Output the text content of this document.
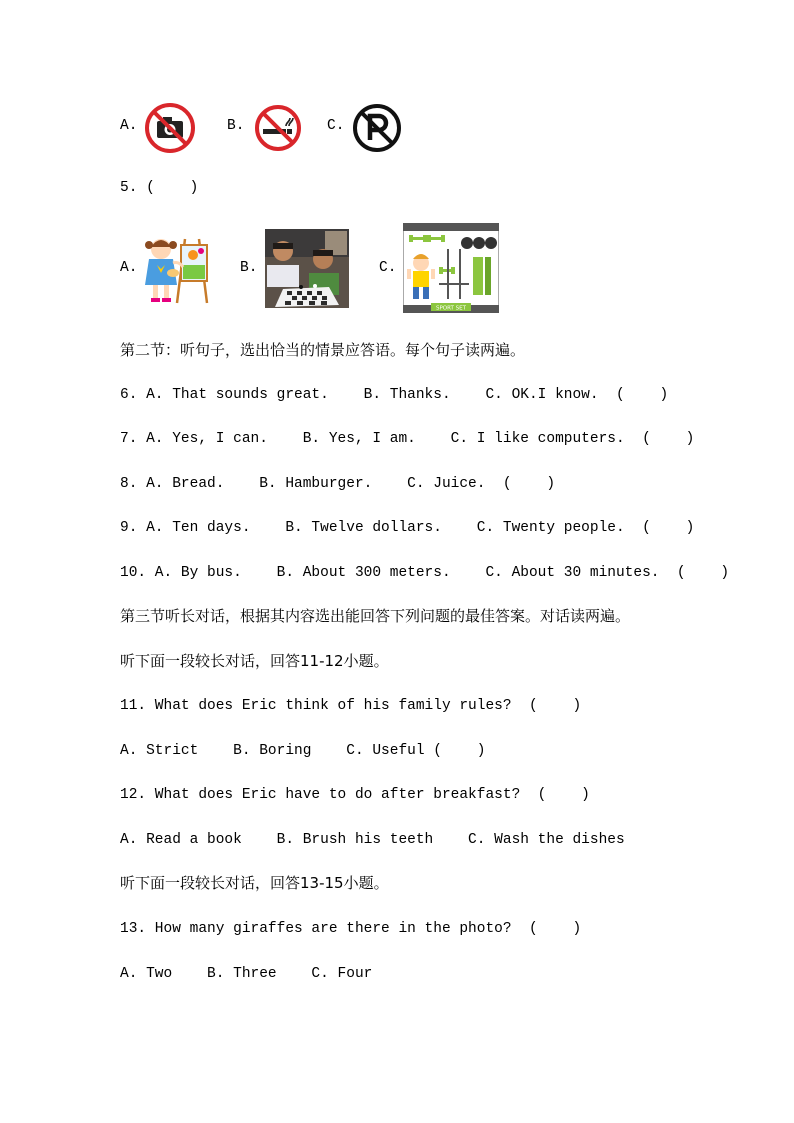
A.	B.	C.
5. (    )
A.	B.	C.
SPORT SET
第二节：听句子，选出恰当的情景应答语。每个句子读两遍。
6. A. That sounds great.    B. Thanks.    C. OK.I know.  (    )
7. A. Yes, I can.    B. Yes, I am.    C. I like computers.  (    )
8. A. Bread.    B. Hamburger.    C. Juice.  (    )
9. A. Ten days.    B. Twelve dollars.    C. Twenty people.  (    )
10. A. By bus.    B. About 300 meters.    C. About 30 minutes.  (    )
第三节听长对话，根据其内容选出能回答下列问题的最佳答案。对话读两遍。
听下面一段较长对话，回答11-12小题。
11. What does Eric think of his family rules?  (    )
A. Strict    B. Boring    C. Useful (    )
12. What does Eric have to do after breakfast?  (    )
A. Read a book    B. Brush his teeth    C. Wash the dishes
听下面一段较长对话，回答13-15小题。
13. How many giraffes are there in the photo?  (    )
A. Two    B. Three    C. Four
